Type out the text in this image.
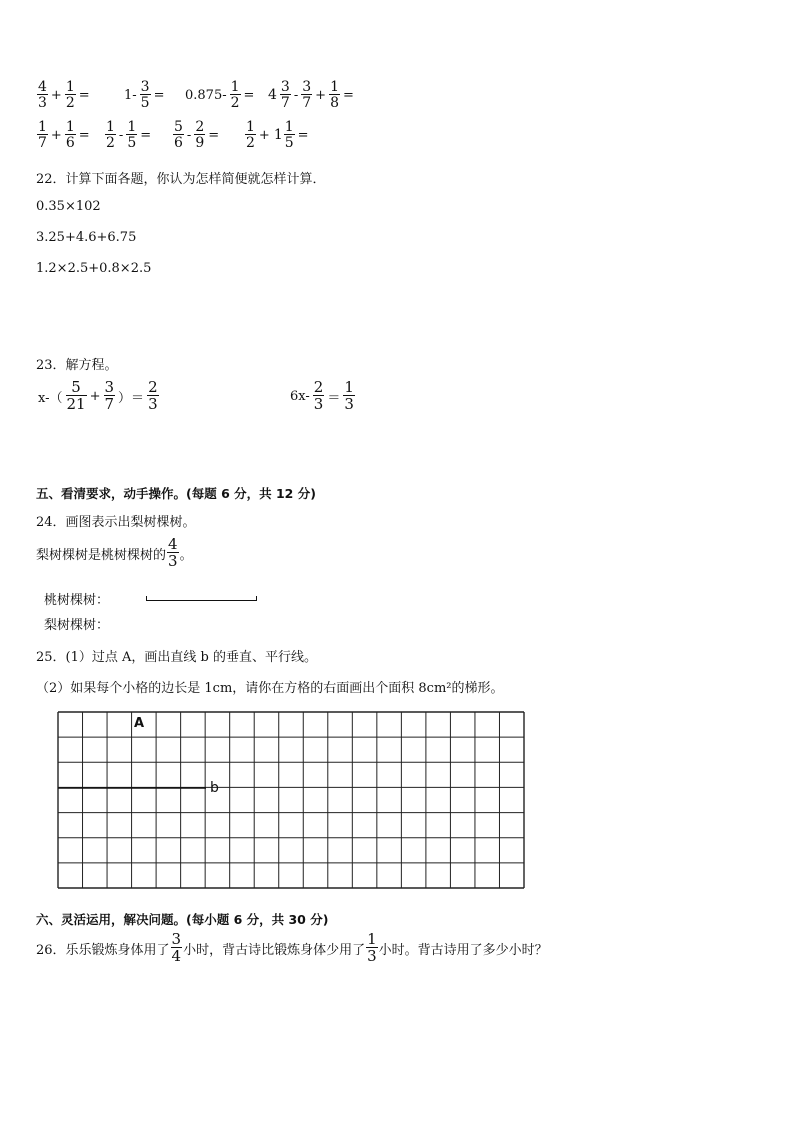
$\frac{4}{3} + \frac{1}{2}$ =	$1- \frac{3}{5} = 0.875- \frac{1}{2} = 4 \frac{3}{7} - \frac{3}{7} + \frac{1}{8}$ =
$\frac{1}{7} + \frac{1}{6} = \frac{1}{2} - \frac{1}{5} = \frac{5}{6} - \frac{2}{9} = \frac{1}{2} + 1 \frac{1}{5}$ =
22．计算下面各题，你认为怎样简便就怎样计算．
0.35×102
3.25+4.6+6.75
1.2×2.5+0.8×2.5
23．解方程。
$x-( \frac{5}{21} + \frac{3}{7}$ ）＝ $\frac{2}{3}$	$6x- \frac{2}{3} = \frac{1}{3}$
五、看清要求，动手操作。(每题 6 分，共 12 分)
24．画图表示出梨树棵树。
梨树棵树是桃树棵树的 $\frac{4}{3}$ 。
桃树棵树：
梨树棵树：
25．(1）过点 A，画出直线 b 的垂直、平行线。
（2）如果每个小格的边长是 1cm，请你在方格的右面画出个面积 8cm²的梯形。
A
b
六、灵活运用，解决问题。(每小题 6 分，共 30 分)
26．乐乐锻炼身体用了 $\frac{3}{4}$ 小时，背古诗比锻炼身体少用了 $\frac{1}{3}$ 小时。背古诗用了多少小时？
